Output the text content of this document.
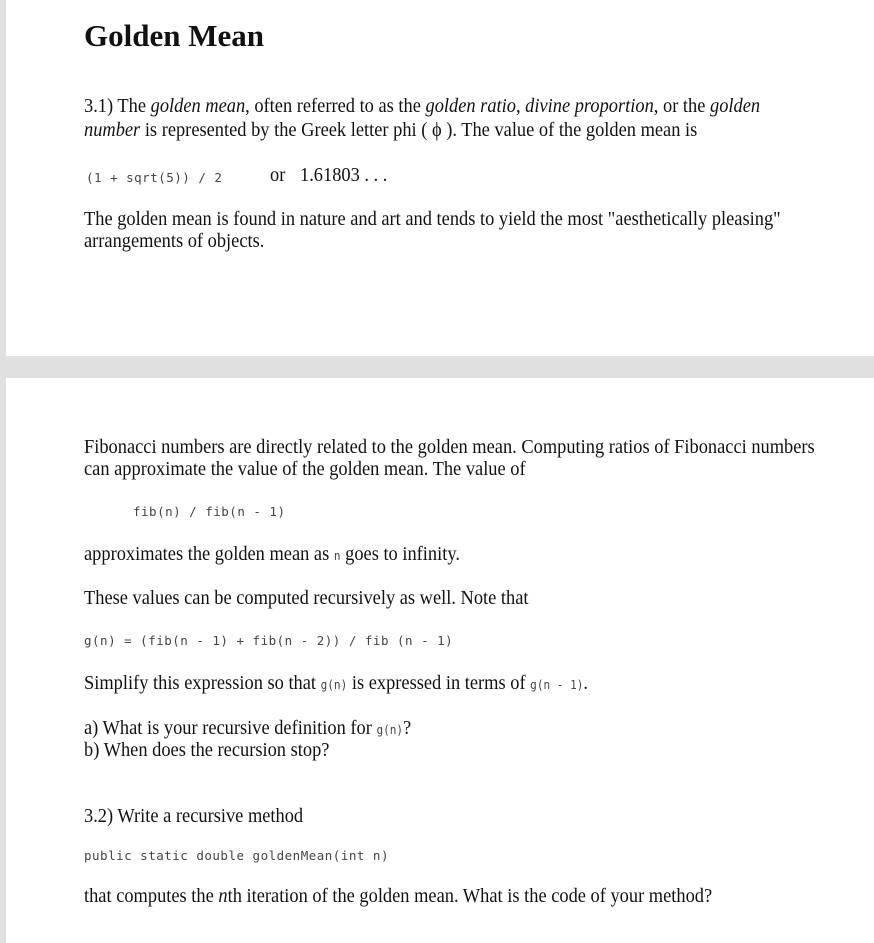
Golden Mean
3.1) The golden mean, often referred to as the golden ratio, divine proportion, or the golden
number is represented by the Greek letter phi ( ϕ ). The value of the golden mean is
(1 + sqrt(5)) / 2 or 1.61803 . . .
The golden mean is found in nature and art and tends to yield the most "aesthetically pleasing"
arrangements of objects.
Fibonacci numbers are directly related to the golden mean. Computing ratios of Fibonacci numbers
can approximate the value of the golden mean. The value of
fib(n) / fib(n - 1)
approximates the golden mean as n goes to infinity.
These values can be computed recursively as well. Note that
g(n) = (fib(n - 1) + fib(n - 2)) / fib (n - 1)
Simplify this expression so that g(n) is expressed in terms of g(n - 1).
a) What is your recursive definition for g(n)?
b) When does the recursion stop?
3.2) Write a recursive method
public static double goldenMean(int n)
that computes the nth iteration of the golden mean. What is the code of your method?
